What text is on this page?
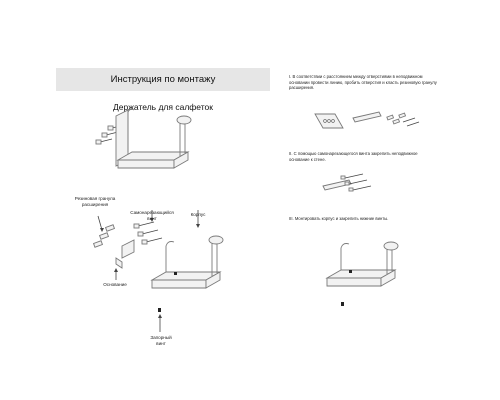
Инструкция по монтажу
Держатель для салфеток
Резиновая гранула
расширения
Самонарезающийся
винт
Корпус
Основание
Запорный
винт
I. В соответствии с расстоянием между отверстиями в неподвижном основании провести линию, пробить отверстия и класть резиновую гранулу расширения.
II. С помощью самонарезающегося винта закрепить неподвижное основание к стене.
III. Монтировать корпус и закрепить нижние винты.
